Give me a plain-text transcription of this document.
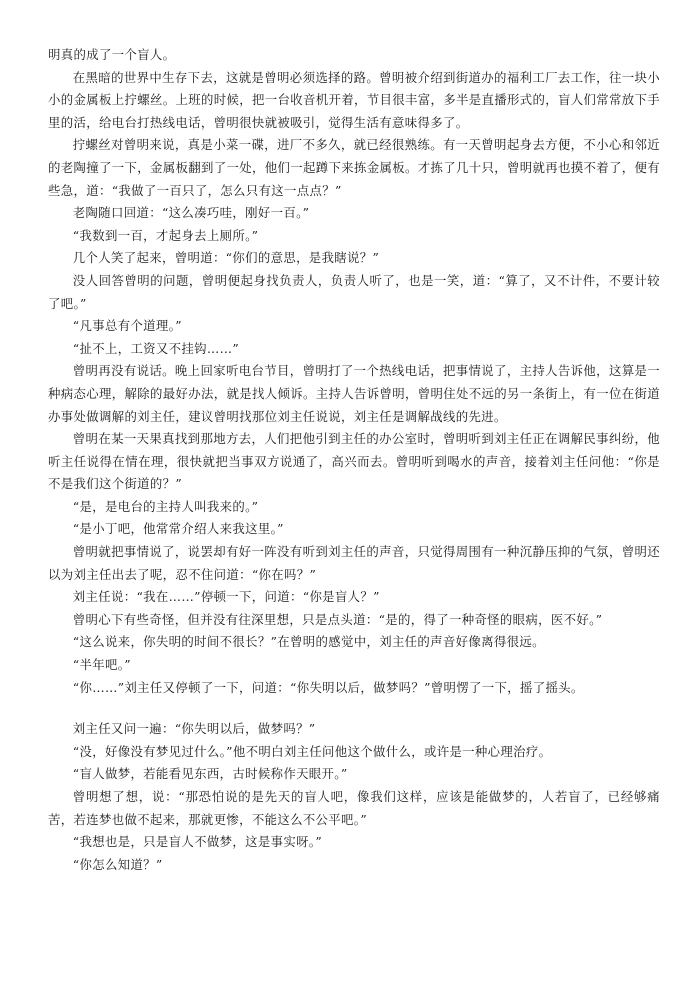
明真的成了一个盲人。

在黑暗的世界中生存下去，这就是曾明必须选择的路。曾明被介绍到街道办的福利工厂去工作，往一块小小的金属板上拧螺丝。上班的时候，把一台收音机开着，节目很丰富，多半是直播形式的，盲人们常常放下手里的活，给电台打热线电话，曾明很快就被吸引，觉得生活有意味得多了。

拧螺丝对曾明来说，真是小菜一碟，进厂不多久，就已经很熟练。有一天曾明起身去方便，不小心和邻近的老陶撞了一下，金属板翻到了一处，他们一起蹲下来拣金属板。才拣了几十只，曾明就再也摸不着了，便有些急，道：“我做了一百只了，怎么只有这一点点？”

老陶随口回道：“这么凑巧哇，刚好一百。”

“我数到一百，才起身去上厕所。”

几个人笑了起来，曾明道：“你们的意思，是我瞎说？”

没人回答曾明的问题，曾明便起身找负责人，负责人听了，也是一笑，道：“算了，又不计件，不要计较了吧。”

“凡事总有个道理。”

“扯不上，工资又不挂钩……”

曾明再没有说话。晚上回家听电台节目，曾明打了一个热线电话，把事情说了，主持人告诉他，这算是一种病态心理，解除的最好办法，就是找人倾诉。主持人告诉曾明，曾明住处不远的另一条街上，有一位在街道办事处做调解的刘主任，建议曾明找那位刘主任说说，刘主任是调解战线的先进。

曾明在某一天果真找到那地方去，人们把他引到主任的办公室时，曾明听到刘主任正在调解民事纠纷，他听主任说得在情在理，很快就把当事双方说通了，高兴而去。曾明听到喝水的声音，接着刘主任问他：“你是不是我们这个街道的？”

“是，是电台的主持人叫我来的。”

“是小丁吧，他常常介绍人来我这里。”

曾明就把事情说了，说罢却有好一阵没有听到刘主任的声音，只觉得周围有一种沉静压抑的气氛，曾明还以为刘主任出去了呢，忍不住问道：“你在吗？”

刘主任说：“我在……”停顿一下，问道：“你是盲人？”

曾明心下有些奇怪，但并没有往深里想，只是点头道：“是的，得了一种奇怪的眼病，医不好。”

“这么说来，你失明的时间不很长？”在曾明的感觉中，刘主任的声音好像离得很远。

“半年吧。”

“你……”刘主任又停顿了一下，问道：“你失明以后，做梦吗？”曾明愣了一下，摇了摇头。

刘主任又问一遍：“你失明以后，做梦吗？”

“没，好像没有梦见过什么。”他不明白刘主任问他这个做什么，或许是一种心理治疗。

“盲人做梦，若能看见东西，古时候称作天眼开。”

曾明想了想，说：“那恐怕说的是先天的盲人吧，像我们这样，应该是能做梦的，人若盲了，已经够痛苦，若连梦也做不起来，那就更惨，不能这么不公平吧。”

“我想也是，只是盲人不做梦，这是事实呀。”

“你怎么知道？”
